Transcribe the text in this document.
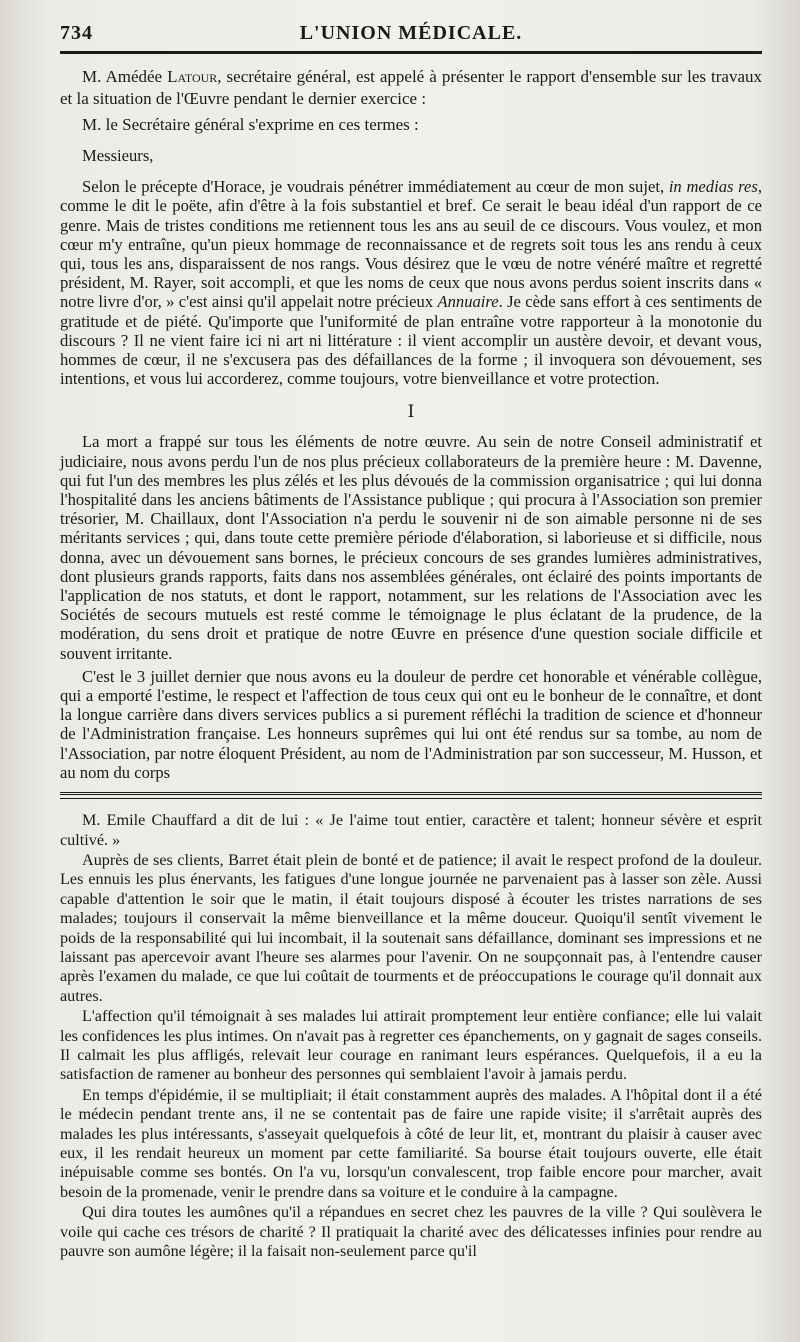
734	L'UNION MÉDICALE.

M. Amédée Latour, secrétaire général, est appelé à présenter le rapport d'ensemble sur les travaux et la situation de l'Œuvre pendant le dernier exercice :

M. le Secrétaire général s'exprime en ces termes :

Messieurs,

Selon le précepte d'Horace, je voudrais pénétrer immédiatement au cœur de mon sujet, in medias res, comme le dit le poëte, afin d'être à la fois substantiel et bref. Ce serait le beau idéal d'un rapport de ce genre. Mais de tristes conditions me retiennent tous les ans au seuil de ce discours. Vous voulez, et mon cœur m'y entraîne, qu'un pieux hommage de reconnaissance et de regrets soit tous les ans rendu à ceux qui, tous les ans, disparaissent de nos rangs. Vous désirez que le vœu de notre vénéré maître et regretté président, M. Rayer, soit accompli, et que les noms de ceux que nous avons perdus soient inscrits dans « notre livre d'or, » c'est ainsi qu'il appelait notre précieux Annuaire. Je cède sans effort à ces sentiments de gratitude et de piété. Qu'importe que l'uniformité de plan entraîne votre rapporteur à la monotonie du discours ? Il ne vient faire ici ni art ni littérature : il vient accomplir un austère devoir, et devant vous, hommes de cœur, il ne s'excusera pas des défaillances de la forme ; il invoquera son dévouement, ses intentions, et vous lui accorderez, comme toujours, votre bienveillance et votre protection.

I

La mort a frappé sur tous les éléments de notre œuvre. Au sein de notre Conseil administratif et judiciaire, nous avons perdu l'un de nos plus précieux collaborateurs de la première heure : M. Davenne, qui fut l'un des membres les plus zélés et les plus dévoués de la commission organisatrice ; qui lui donna l'hospitalité dans les anciens bâtiments de l'Assistance publique ; qui procura à l'Association son premier trésorier, M. Chaillaux, dont l'Association n'a perdu le souvenir ni de son aimable personne ni de ses méritants services ; qui, dans toute cette première période d'élaboration, si laborieuse et si difficile, nous donna, avec un dévouement sans bornes, le précieux concours de ses grandes lumières administratives, dont plusieurs grands rapports, faits dans nos assemblées générales, ont éclairé des points importants de l'application de nos statuts, et dont le rapport, notamment, sur les relations de l'Association avec les Sociétés de secours mutuels est resté comme le témoignage le plus éclatant de la prudence, de la modération, du sens droit et pratique de notre Œuvre en présence d'une question sociale difficile et souvent irritante.

C'est le 3 juillet dernier que nous avons eu la douleur de perdre cet honorable et vénérable collègue, qui a emporté l'estime, le respect et l'affection de tous ceux qui ont eu le bonheur de le connaître, et dont la longue carrière dans divers services publics a si purement réfléchi la tradition de science et d'honneur de l'Administration française. Les honneurs suprêmes qui lui ont été rendus sur sa tombe, au nom de l'Association, par notre éloquent Président, au nom de l'Administration par son successeur, M. Husson, et au nom du corps

M. Emile Chauffard a dit de lui : « Je l'aime tout entier, caractère et talent; honneur sévère et esprit cultivé. »

Auprès de ses clients, Barret était plein de bonté et de patience; il avait le respect profond de la douleur. Les ennuis les plus énervants, les fatigues d'une longue journée ne parvenaient pas à lasser son zèle. Aussi capable d'attention le soir que le matin, il était toujours disposé à écouter les tristes narrations de ses malades; toujours il conservait la même bienveillance et la même douceur. Quoiqu'il sentît vivement le poids de la responsabilité qui lui incombait, il la soutenait sans défaillance, dominant ses impressions et ne laissant pas apercevoir avant l'heure ses alarmes pour l'avenir. On ne soupçonnait pas, à l'entendre causer après l'examen du malade, ce que lui coûtait de tourments et de préoccupations le courage qu'il donnait aux autres.

L'affection qu'il témoignait à ses malades lui attirait promptement leur entière confiance; elle lui valait les confidences les plus intimes. On n'avait pas à regretter ces épanchements, on y gagnait de sages conseils. Il calmait les plus affligés, relevait leur courage en ranimant leurs espérances. Quelquefois, il a eu la satisfaction de ramener au bonheur des personnes qui semblaient l'avoir à jamais perdu.

En temps d'épidémie, il se multipliait; il était constamment auprès des malades. A l'hôpital dont il a été le médecin pendant trente ans, il ne se contentait pas de faire une rapide visite; il s'arrêtait auprès des malades les plus intéressants, s'asseyait quelquefois à côté de leur lit, et, montrant du plaisir à causer avec eux, il les rendait heureux un moment par cette familiarité. Sa bourse était toujours ouverte, elle était inépuisable comme ses bontés. On l'a vu, lorsqu'un convalescent, trop faible encore pour marcher, avait besoin de la promenade, venir le prendre dans sa voiture et le conduire à la campagne.

Qui dira toutes les aumônes qu'il a répandues en secret chez les pauvres de la ville ? Qui soulèvera le voile qui cache ces trésors de charité ? Il pratiquait la charité avec des délicatesses infinies pour rendre au pauvre son aumône légère; il la faisait non-seulement parce qu'il
